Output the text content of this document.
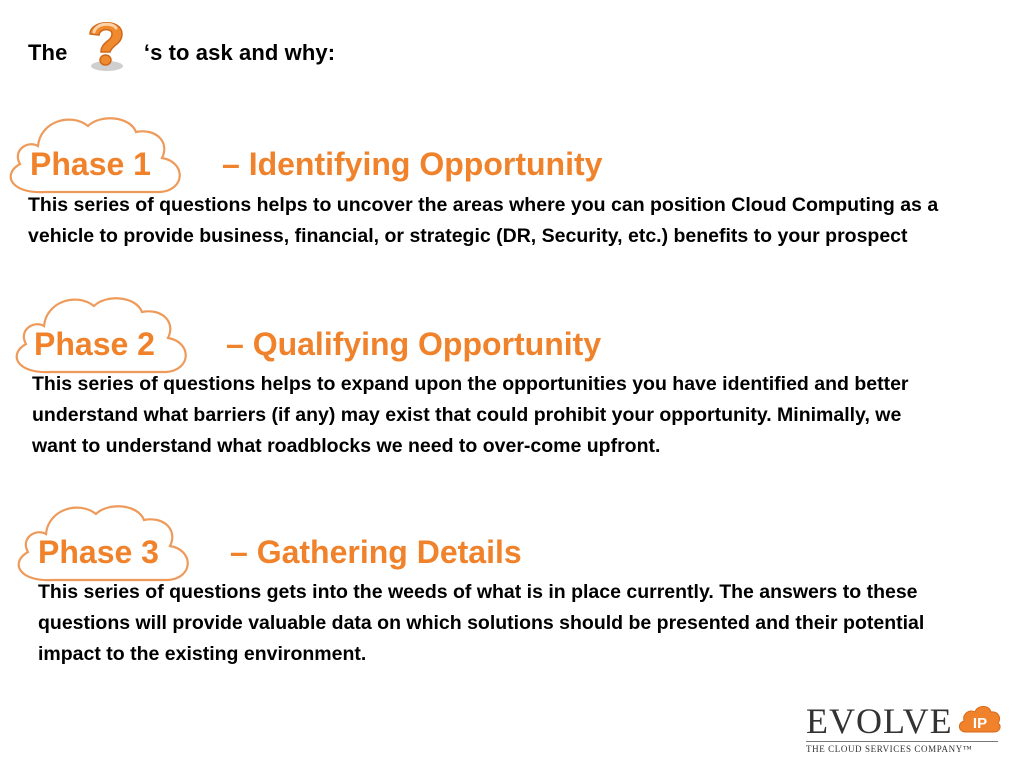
The	‘s to ask and why:
Phase 1 – Identifying Opportunity
This series of questions helps to uncover the areas where you can position Cloud Computing as a vehicle to provide business, financial, or strategic (DR, Security, etc.) benefits to your prospect
Phase 2 – Qualifying Opportunity
This series of questions helps to expand upon the opportunities you have identified and better understand what barriers (if any) may exist that could prohibit your opportunity. Minimally, we want to understand what roadblocks we need to over-come upfront.
Phase 3 – Gathering Details
This series of questions gets into the weeds of what is in place currently. The answers to these questions will provide valuable data on which solutions should be presented and their potential impact to the existing environment.
EVOLVE IP
THE CLOUD SERVICES COMPANY™
